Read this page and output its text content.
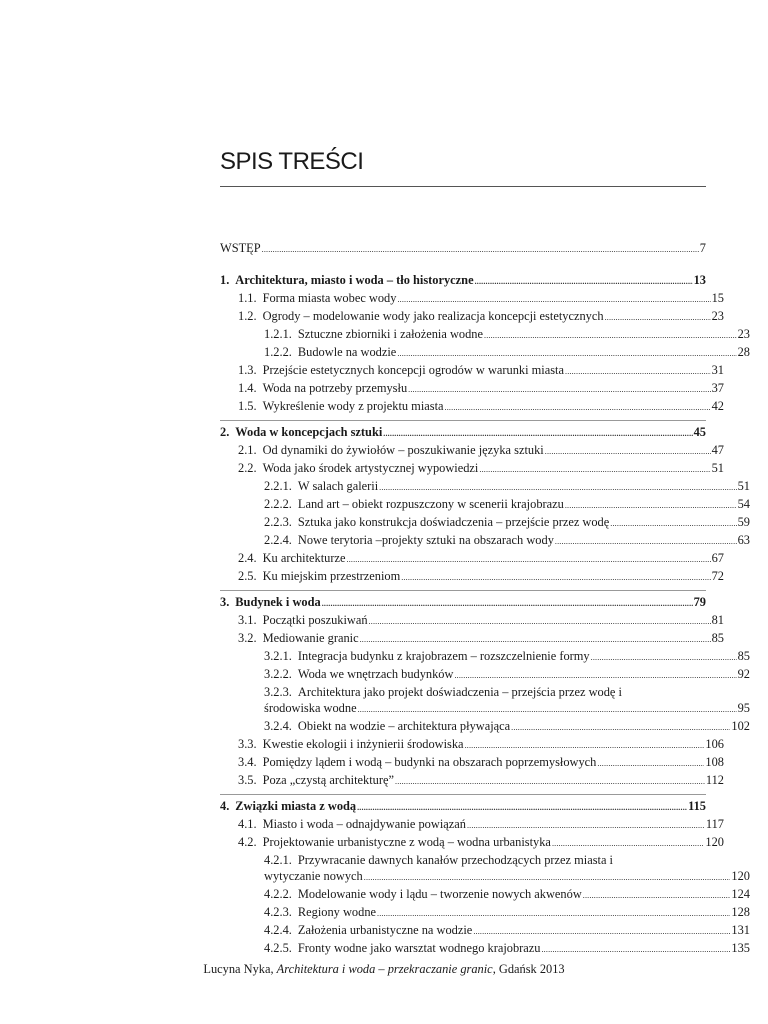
SPIS TREŚCI
WSTĘP .....	7
1. Architektura, miasto i woda – tło historyczne .....	13
1.1. Forma miasta wobec wody .....	15
1.2. Ogrody – modelowanie wody jako realizacja koncepcji estetycznych .....	23
1.2.1. Sztuczne zbiorniki i założenia wodne .....	23
1.2.2. Budowle na wodzie .....	28
1.3. Przejście estetycznych koncepcji ogrodów w warunki miasta .....	31
1.4. Woda na potrzeby przemysłu .....	37
1.5. Wykreślenie wody z projektu miasta .....	42
2. Woda w koncepcjach sztuki .....	45
2.1. Od dynamiki do żywiołów – poszukiwanie języka sztuki .....	47
2.2. Woda jako środek artystycznej wypowiedzi .....	51
2.2.1. W salach galerii .....	51
2.2.2. Land art – obiekt rozpuszczony w scenerii krajobrazu .....	54
2.2.3. Sztuka jako konstrukcja doświadczenia – przejście przez wodę .....	59
2.2.4. Nowe terytoria –projekty sztuki na obszarach wody .....	63
2.4. Ku architekturze .....	67
2.5. Ku miejskim przestrzeniom .....	72
3. Budynek i woda .....	79
3.1. Początki poszukiwań .....	81
3.2. Mediowanie granic .....	85
3.2.1. Integracja budynku z krajobrazem – rozszczelnienie formy .....	85
3.2.2. Woda we wnętrzach budynków .....	92
3.2.3. Architektura jako projekt doświadczenia – przejścia przez wodę i
środowiska wodne .....	95
3.2.4. Obiekt na wodzie – architektura pływająca .....	102
3.3. Kwestie ekologii i inżynierii środowiska .....	106
3.4. Pomiędzy lądem i wodą – budynki na obszarach poprzemysłowych .....	108
3.5. Poza „czystą architekturę” .....	112
4. Związki miasta z wodą .....	115
4.1. Miasto i woda – odnajdywanie powiązań .....	117
4.2. Projektowanie urbanistyczne z wodą – wodna urbanistyka .....	120
4.2.1. Przywracanie dawnych kanałów przechodzących przez miasta i
wytyczanie nowych .....	120
4.2.2. Modelowanie wody i lądu – tworzenie nowych akwenów .....	124
4.2.3. Regiony wodne .....	128
4.2.4. Założenia urbanistyczne na wodzie .....	131
4.2.5. Fronty wodne jako warsztat wodnego krajobrazu .....	135
Lucyna Nyka, Architektura i woda – przekraczanie granic, Gdańsk 2013
